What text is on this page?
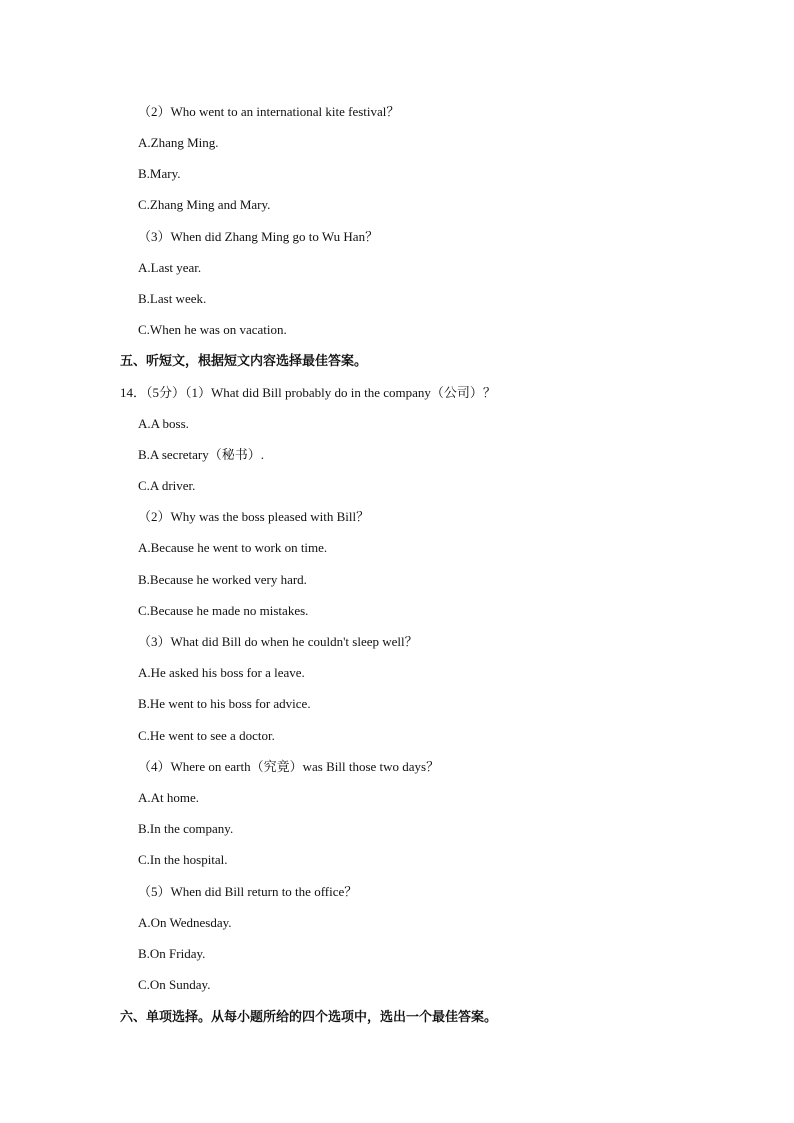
（2）Who went to an international kite festival？
A.Zhang Ming.
B.Mary.
C.Zhang Ming and Mary.
（3）When did Zhang Ming go to Wu Han？
A.Last year.
B.Last week.
C.When he was on vacation.
五、听短文，根据短文内容选择最佳答案。
14．（5分）（1）What did Bill probably do in the company（公司）？
A.A boss.
B.A secretary（秘书）.
C.A driver.
（2）Why was the boss pleased with Bill？
A.Because he went to work on time.
B.Because he worked very hard.
C.Because he made no mistakes.
（3）What did Bill do when he couldn't sleep well？
A.He asked his boss for a leave.
B.He went to his boss for advice.
C.He went to see a doctor.
（4）Where on earth（究竟）was Bill those two days？
A.At home.
B.In the company.
C.In the hospital.
（5）When did Bill return to the office？
A.On Wednesday.
B.On Friday.
C.On Sunday.
六、单项选择。从每小题所给的四个选项中，选出一个最佳答案。
